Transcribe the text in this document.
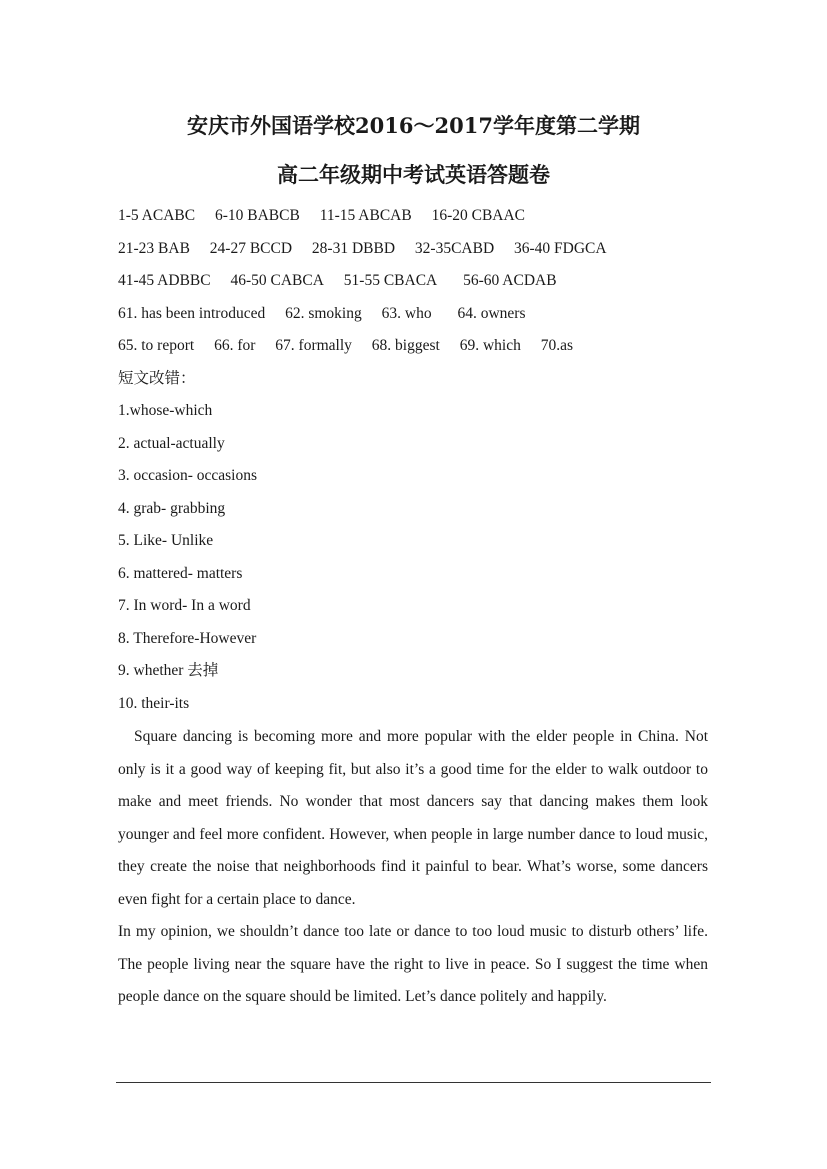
安庆市外国语学校2016～2017学年度第二学期
高二年级期中考试英语答题卷
1-5 ACABC 6-10 BABCB 11-15 ABCAB 16-20 CBAAC
21-23 BAB 24-27 BCCD 28-31 DBBD 32-35CABD 36-40 FDGCA
41-45 ADBBC 46-50 CABCA 51-55 CBACA 56-60 ACDAB
61. has been introduced 62. smoking 63. who 64. owners
65. to report 66. for 67. formally 68. biggest 69. which 70.as
短文改错：
1.whose-which
2. actual-actually
3. occasion- occasions
4. grab- grabbing
5. Like- Unlike
6. mattered- matters
7. In word- In a word
8. Therefore-However
9. whether 去掉
10. their-its
Square dancing is becoming more and more popular with the elder people in China. Not only is it a good way of keeping fit, but also it’s a good time for the elder to walk outdoor to make and meet friends. No wonder that most dancers say that dancing makes them look younger and feel more confident. However, when people in large number dance to loud music, they create the noise that neighborhoods find it painful to bear. What’s worse, some dancers even fight for a certain place to dance.
In my opinion, we shouldn’t dance too late or dance to too loud music to disturb others’ life. The people living near the square have the right to live in peace. So I suggest the time when people dance on the square should be limited. Let’s dance politely and happily.
